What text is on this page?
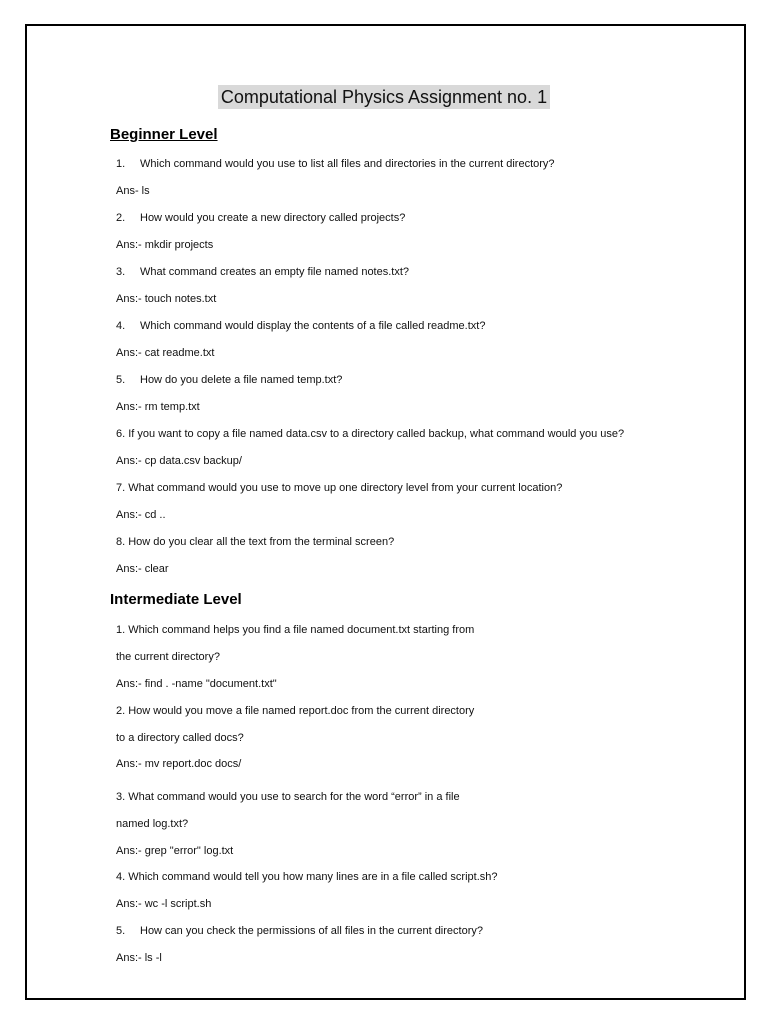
Computational Physics Assignment no. 1
Beginner Level
1. Which command would you use to list all files and directories in the current directory?
Ans- ls
2. How would you create a new directory called projects?
Ans:- mkdir projects
3. What command creates an empty file named notes.txt?
Ans:- touch notes.txt
4. Which command would display the contents of a file called readme.txt?
Ans:- cat readme.txt
5. How do you delete a file named temp.txt?
Ans:- rm temp.txt
6. If you want to copy a file named data.csv to a directory called backup, what command would you use?
Ans:- cp data.csv backup/
7. What command would you use to move up one directory level from your current location?
Ans:- cd ..
8. How do you clear all the text from the terminal screen?
Ans:- clear
Intermediate Level
1. Which command helps you find a file named document.txt starting from
the current directory?
Ans:- find . -name "document.txt"
2. How would you move a file named report.doc from the current directory
to a directory called docs?
Ans:- mv report.doc docs/
3. What command would you use to search for the word “error” in a file
named log.txt?
Ans:- grep "error" log.txt
4. Which command would tell you how many lines are in a file called script.sh?
Ans:- wc -l script.sh
5. How can you check the permissions of all files in the current directory?
Ans:- ls -l
